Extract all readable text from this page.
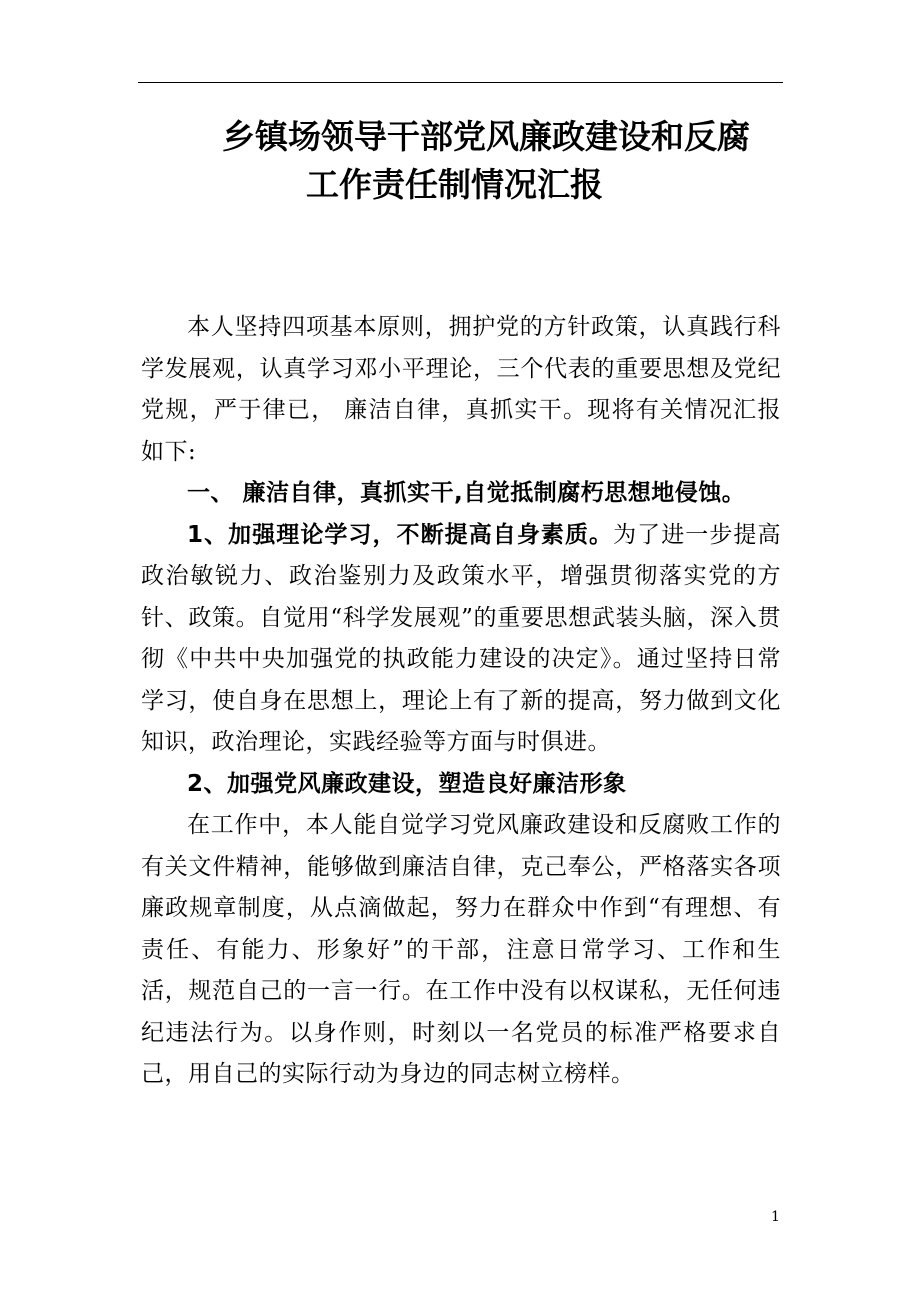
乡镇场领导干部党风廉政建设和反腐
工作责任制情况汇报

本人坚持四项基本原则，拥护党的方针政策，认真践行科学发展观，认真学习邓小平理论，三个代表的重要思想及党纪党规，严于律已， 廉洁自律，真抓实干。现将有关情况汇报如下:

一、 廉洁自律，真抓实干,自觉抵制腐朽思想地侵蚀。

1、加强理论学习，不断提高自身素质。为了进一步提高政治敏锐力、政治鉴别力及政策水平，增强贯彻落实党的方针、政策。自觉用“科学发展观”的重要思想武装头脑，深入贯彻《中共中央加强党的执政能力建设的决定》。通过坚持日常学习，使自身在思想上，理论上有了新的提高，努力做到文化知识，政治理论，实践经验等方面与时俱进。

2、加强党风廉政建设，塑造良好廉洁形象

在工作中，本人能自觉学习党风廉政建设和反腐败工作的有关文件精神，能够做到廉洁自律，克己奉公，严格落实各项廉政规章制度，从点滴做起，努力在群众中作到“有理想、有责任、有能力、形象好”的干部，注意日常学习、工作和生活，规范自己的一言一行。在工作中没有以权谋私，无任何违纪违法行为。以身作则，时刻以一名党员的标准严格要求自己，用自己的实际行动为身边的同志树立榜样。

1
